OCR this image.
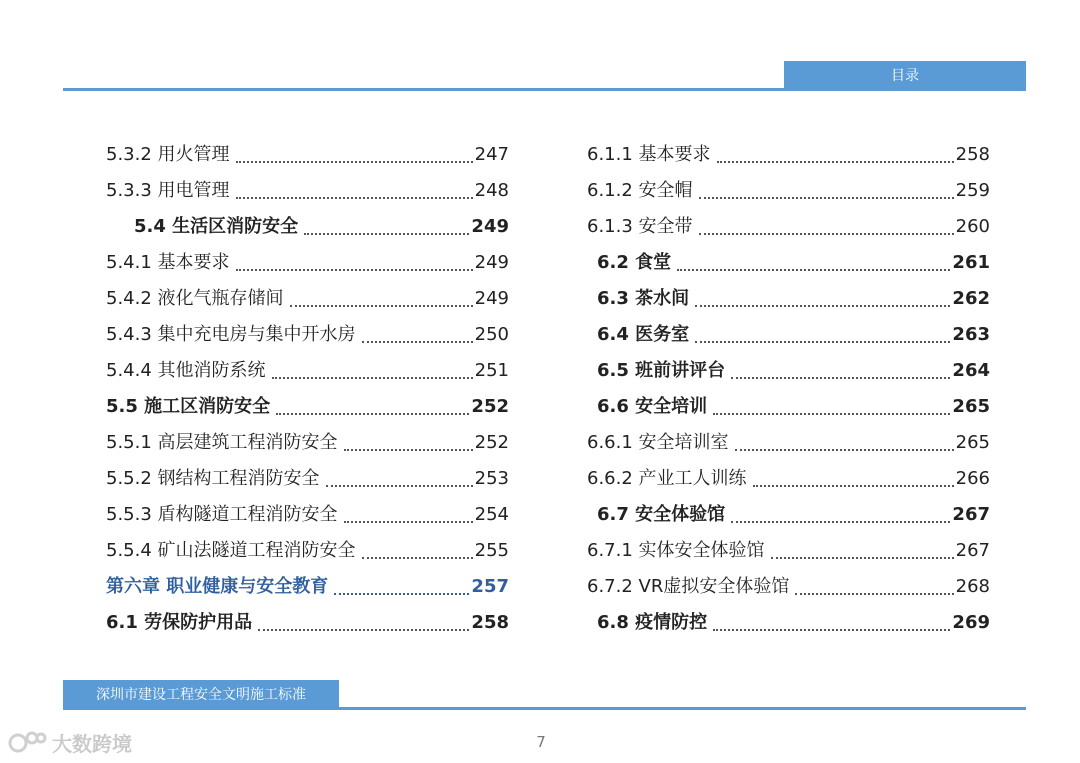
目录
5.3.2 用火管理	247
5.3.3 用电管理	248
5.4 生活区消防安全	249
5.4.1 基本要求	249
5.4.2 液化气瓶存储间	249
5.4.3 集中充电房与集中开水房	250
5.4.4 其他消防系统	251
5.5 施工区消防安全	252
5.5.1 高层建筑工程消防安全	252
5.5.2 钢结构工程消防安全	253
5.5.3 盾构隧道工程消防安全	254
5.5.4 矿山法隧道工程消防安全	255
第六章 职业健康与安全教育	257
6.1 劳保防护用品	258
6.1.1 基本要求	258
6.1.2 安全帽	259
6.1.3 安全带	260
6.2 食堂	261
6.3 茶水间	262
6.4 医务室	263
6.5 班前讲评台	264
6.6 安全培训	265
6.6.1 安全培训室	265
6.6.2 产业工人训练	266
6.7 安全体验馆	267
6.7.1 实体安全体验馆	267
6.7.2 VR虚拟安全体验馆	268
6.8 疫情防控	269
深圳市建设工程安全文明施工标准
7
大数跨境
